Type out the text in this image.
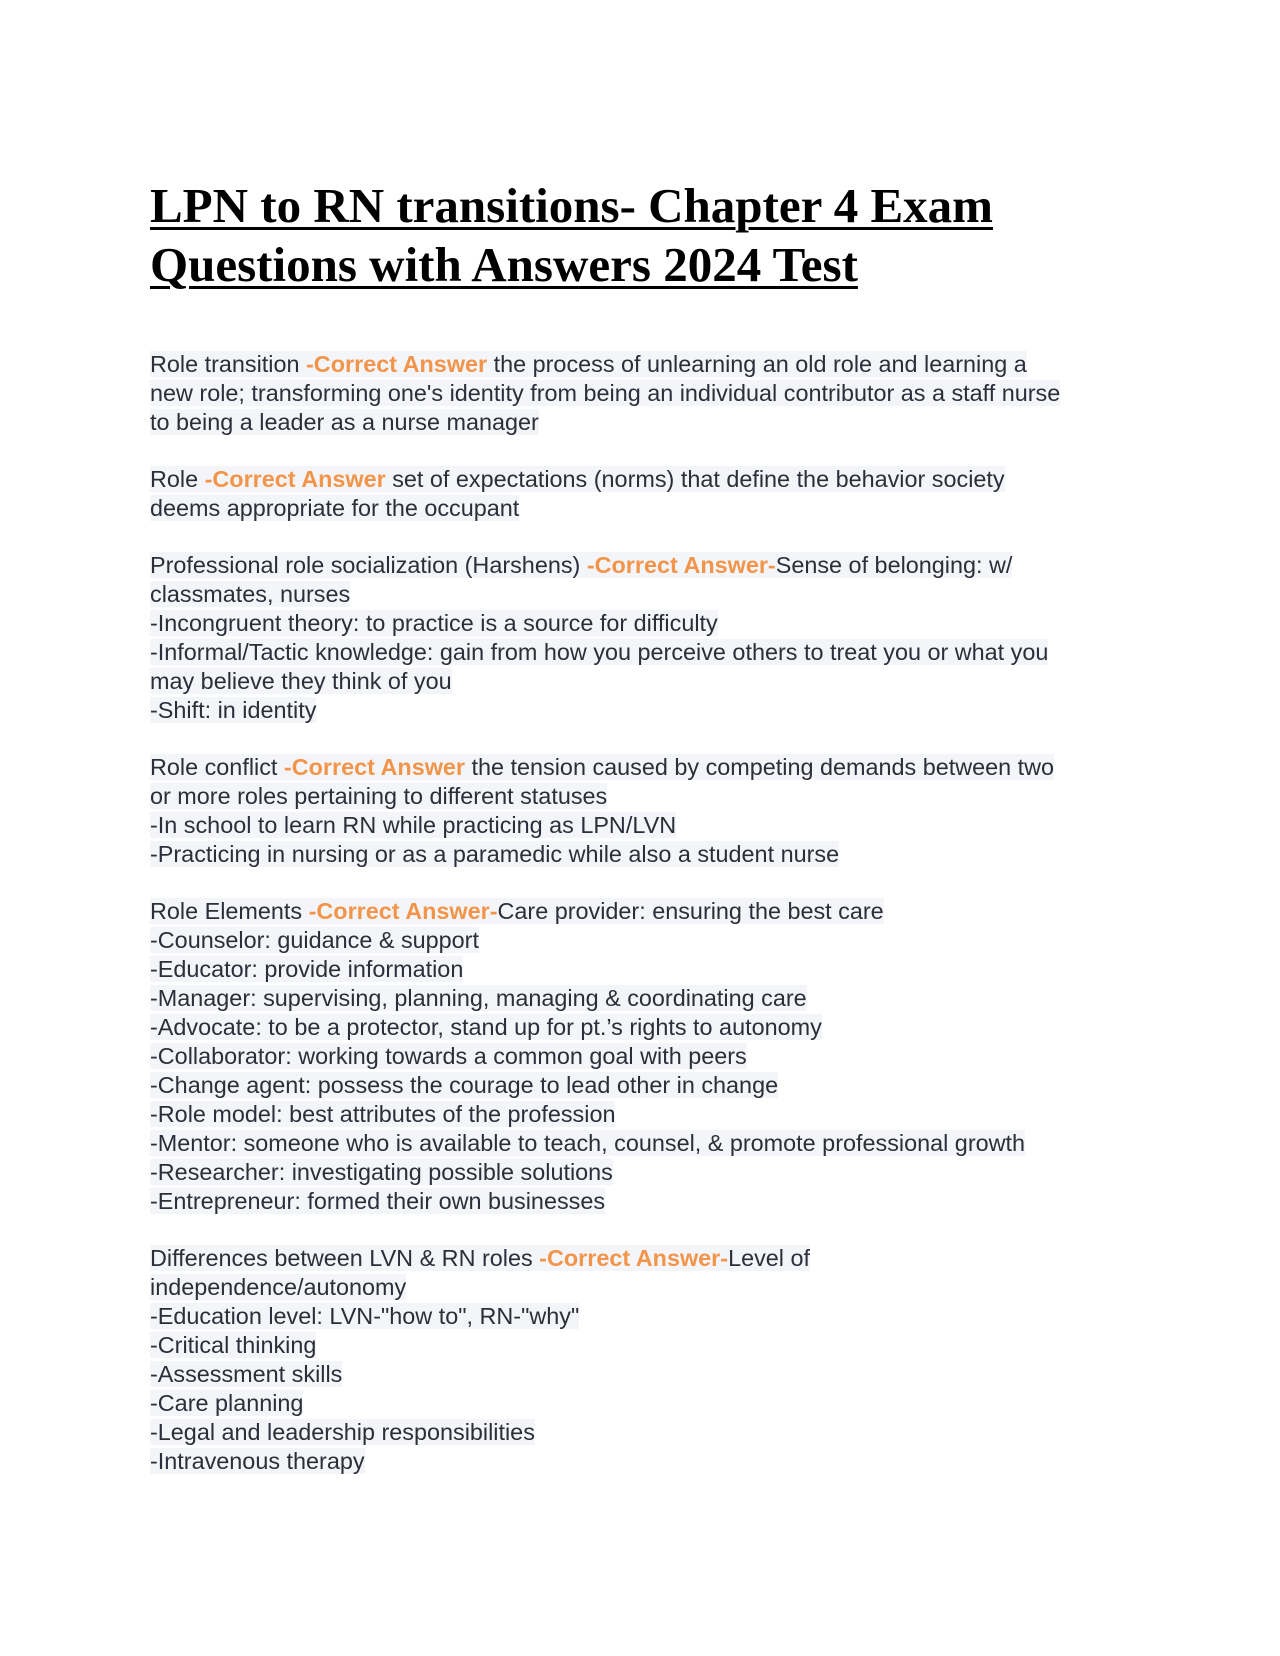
LPN to RN transitions- Chapter 4 Exam
Questions with Answers 2024 Test
Role transition -Correct Answer the process of unlearning an old role and learning a
new role; transforming one's identity from being an individual contributor as a staff nurse
to being a leader as a nurse manager
Role -Correct Answer set of expectations (norms) that define the behavior society
deems appropriate for the occupant
Professional role socialization (Harshens) -Correct Answer-Sense of belonging: w/
classmates, nurses
-Incongruent theory: to practice is a source for difficulty
-Informal/Tactic knowledge: gain from how you perceive others to treat you or what you
may believe they think of you
-Shift: in identity
Role conflict -Correct Answer the tension caused by competing demands between two
or more roles pertaining to different statuses
-In school to learn RN while practicing as LPN/LVN
-Practicing in nursing or as a paramedic while also a student nurse
Role Elements -Correct Answer-Care provider: ensuring the best care
-Counselor: guidance & support
-Educator: provide information
-Manager: supervising, planning, managing & coordinating care
-Advocate: to be a protector, stand up for pt.’s rights to autonomy
-Collaborator: working towards a common goal with peers
-Change agent: possess the courage to lead other in change
-Role model: best attributes of the profession
-Mentor: someone who is available to teach, counsel, & promote professional growth
-Researcher: investigating possible solutions
-Entrepreneur: formed their own businesses
Differences between LVN & RN roles -Correct Answer-Level of
independence/autonomy
-Education level: LVN-"how to", RN-"why"
-Critical thinking
-Assessment skills
-Care planning
-Legal and leadership responsibilities
-Intravenous therapy
